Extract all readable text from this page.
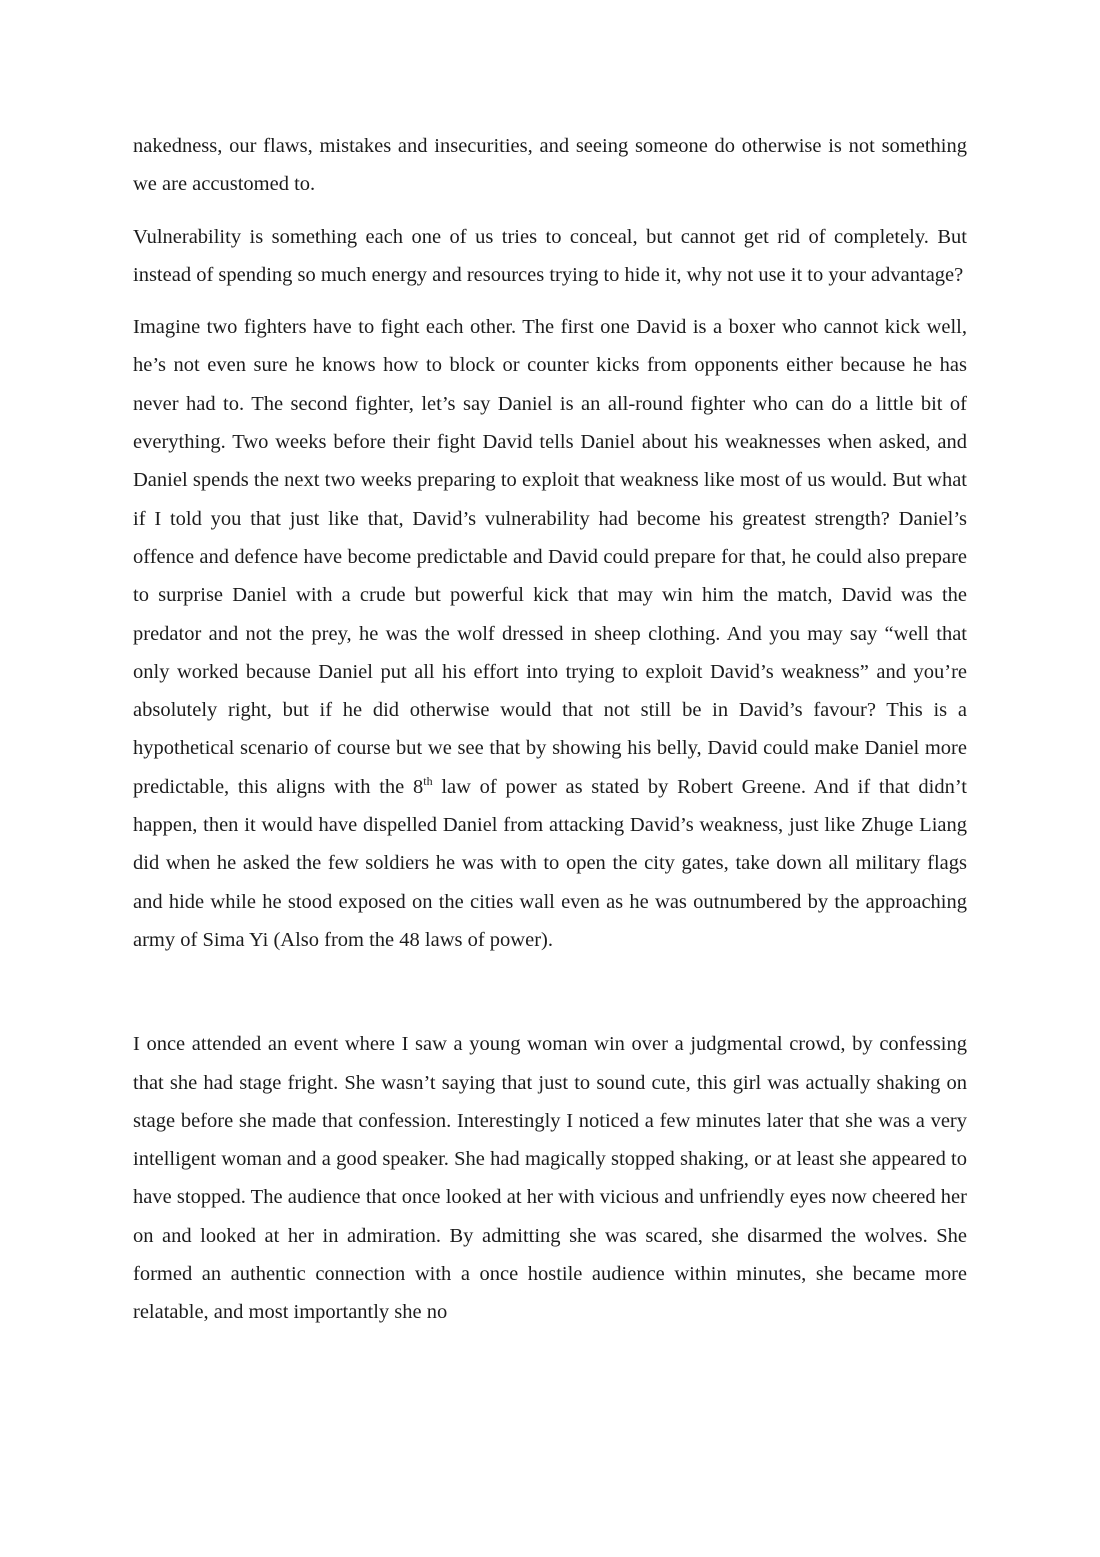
nakedness, our flaws, mistakes and insecurities, and seeing someone do otherwise is not something we are accustomed to.

Vulnerability is something each one of us tries to conceal, but cannot get rid of completely. But instead of spending so much energy and resources trying to hide it, why not use it to your advantage?

Imagine two fighters have to fight each other. The first one David is a boxer who cannot kick well, he’s not even sure he knows how to block or counter kicks from opponents either because he has never had to. The second fighter, let’s say Daniel is an all-round fighter who can do a little bit of everything. Two weeks before their fight David tells Daniel about his weaknesses when asked, and Daniel spends the next two weeks preparing to exploit that weakness like most of us would. But what if I told you that just like that, David’s vulnerability had become his greatest strength? Daniel’s offence and defence have become predictable and David could prepare for that, he could also prepare to surprise Daniel with a crude but powerful kick that may win him the match, David was the predator and not the prey, he was the wolf dressed in sheep clothing. And you may say “well that only worked because Daniel put all his effort into trying to exploit David’s weakness” and you’re absolutely right, but if he did otherwise would that not still be in David’s favour? This is a hypothetical scenario of course but we see that by showing his belly, David could make Daniel more predictable, this aligns with the 8th law of power as stated by Robert Greene. And if that didn’t happen, then it would have dispelled Daniel from attacking David’s weakness, just like Zhuge Liang did when he asked the few soldiers he was with to open the city gates, take down all military flags and hide while he stood exposed on the cities wall even as he was outnumbered by the approaching army of Sima Yi (Also from the 48 laws of power).

I once attended an event where I saw a young woman win over a judgmental crowd, by confessing that she had stage fright. She wasn’t saying that just to sound cute, this girl was actually shaking on stage before she made that confession. Interestingly I noticed a few minutes later that she was a very intelligent woman and a good speaker. She had magically stopped shaking, or at least she appeared to have stopped. The audience that once looked at her with vicious and unfriendly eyes now cheered her on and looked at her in admiration. By admitting she was scared, she disarmed the wolves. She formed an authentic connection with a once hostile audience within minutes, she became more relatable, and most importantly she no
